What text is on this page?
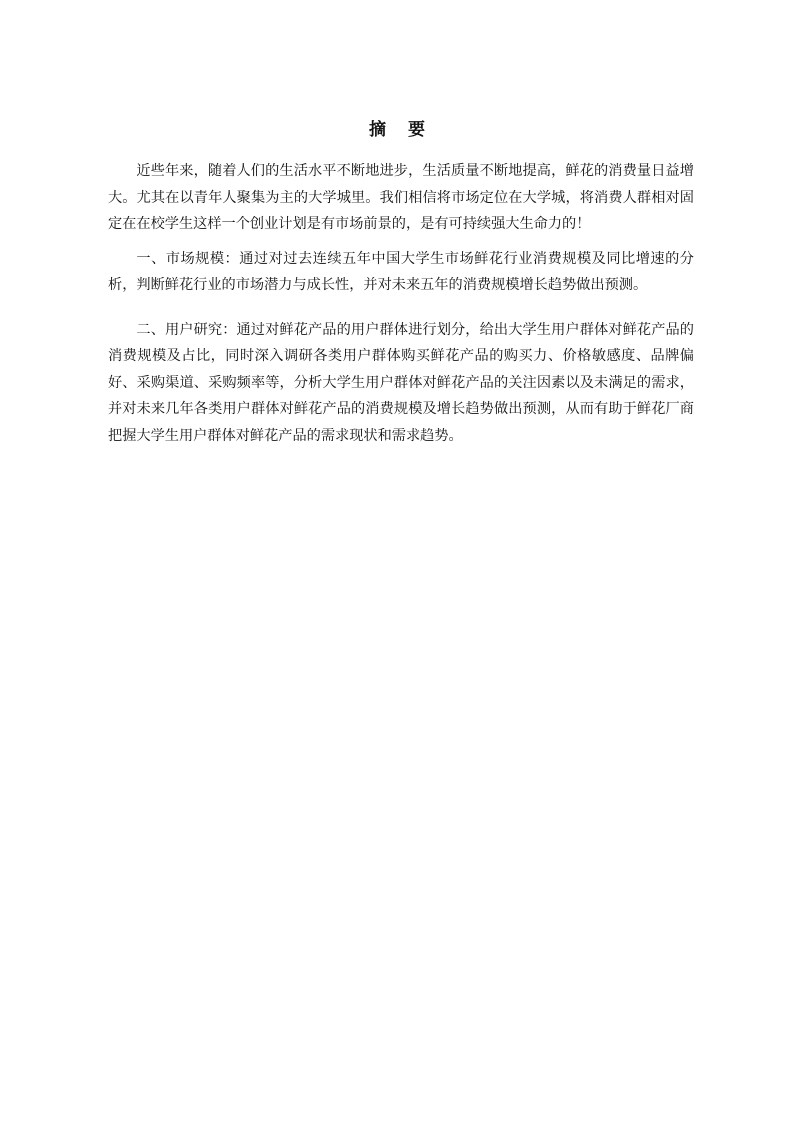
摘 要

近些年来，随着人们的生活水平不断地进步，生活质量不断地提高，鲜花的消费量日益增大。尤其在以青年人聚集为主的大学城里。我们相信将市场定位在大学城，将消费人群相对固定在在校学生这样一个创业计划是有市场前景的，是有可持续强大生命力的！

一、市场规模：通过对过去连续五年中国大学生市场鲜花行业消费规模及同比增速的分析，判断鲜花行业的市场潜力与成长性，并对未来五年的消费规模增长趋势做出预测。

二、用户研究：通过对鲜花产品的用户群体进行划分，给出大学生用户群体对鲜花产品的消费规模及占比，同时深入调研各类用户群体购买鲜花产品的购买力、价格敏感度、品牌偏好、采购渠道、采购频率等，分析大学生用户群体对鲜花产品的关注因素以及未满足的需求，并对未来几年各类用户群体对鲜花产品的消费规模及增长趋势做出预测，从而有助于鲜花厂商把握大学生用户群体对鲜花产品的需求现状和需求趋势。
